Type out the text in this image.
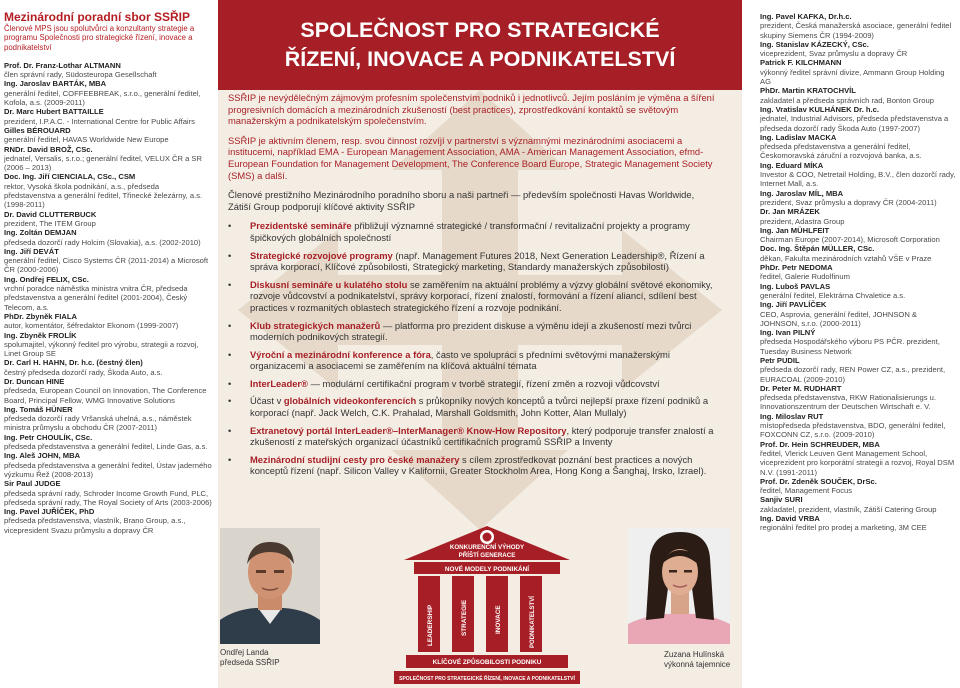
Mezinárodní poradní sbor SSŘIP
Členové MPS jsou spolutvůrci a konzultanty strategie a programu Společnosti pro strategické řízení, inovace a podnikatelství
Prof. Dr. Franz-Lothar ALTMANN
člen správní rady, Südosteuropa Gesellschaft
Ing. Jaroslav BARTÁK, MBA
generální ředitel, COFFEEBREAK, s.r.o., generální ředitel, Kofola, a.s. (2009-2011)
Dr. Marc Hubert BATTAILLE
prezident, I.P.A.C. - International Centre for Public Affairs
Gilles BÉROUARD
generální ředitel, HAVAS Worldwide New Europe
RNDr. David BROŽ, CSc.
jednatel, Versalis, s.r.o.; generální ředitel, VELUX ČR a SR (2006 – 2013)
Doc. Ing. Jiří CIENCIALA, CSc., CSM
rektor, Vysoká škola podnikání, a.s., předseda představenstva a generální ředitel, Třinecké železárny, a.s. (1998-2011)
Dr. David CLUTTERBUCK
prezident, The ITEM Group
Ing. Zoltán DEMJAN
předseda dozorčí rady Holcim (Slovakia), a.s. (2002-2010)
Ing. Jiří DEVÁT
generální ředitel, Cisco Systems ČR (2011-2014) a Microsoft ČR (2000-2006)
Ing. Ondřej FELIX, CSc.
vrchní poradce náměstka ministra vnitra ČR, předseda představenstva a generální ředitel (2001-2004), Český Telecom, a.s.
PhDr. Zbyněk FIALA
autor, komentátor, šéfredaktor Ekonom (1999-2007)
Ing. Zbyněk FROLÍK
spolumajitel, výkonný ředitel pro výrobu, strategii a rozvoj, Linet Group SE
Dr. Carl H. HAHN, Dr. h.c. (čestný člen)
čestný předseda dozorčí rady, Škoda Auto, a.s.
Dr. Duncan HINE
předseda, European Council on Innovation, The Conference Board, Principal Fellow, WMG Innovative Solutions
Ing. Tomáš HÜNER
předseda dozorčí rady Vršanská uhelná, a.s., náměstek ministra průmyslu a obchodu ČR (2007-2011)
Ing. Petr CHOULÍK, CSc.
předseda představenstva a generální ředitel, Linde Gas, a.s.
Ing. Aleš JOHN, MBA
předseda představenstva a generální ředitel, Ústav jaderného výzkumu Řež (2008-2013)
Sir Paul JUDGE
předseda správní rady, Schroder Income Growth Fund, PLC, předseda správní rady, The Royal Society of Arts (2003-2006)
Ing. Pavel JUŘÍČEK, PhD
předseda představenstva, vlastník, Brano Group, a.s., vicepresident Svazu průmyslu a dopravy ČR
SPOLEČNOST PRO STRATEGICKÉ
ŘÍZENÍ, INOVACE A PODNIKATELSTVÍ

SSŘIP je nevýdělečným zájmovým profesním společenstvím podniků i jednotlivců. Jejím posláním je výměna a šíření progresivních domácích a mezinárodních zkušeností (best practices), zprostředkování kontaktů se světovým manažerským a podnikatelským společenstvím.

SSŘIP je aktivním členem, resp. svou činnost rozvíjí v partnerství s významnými mezinárodními asociacemi a institucemi, například EMA - European Management Association, AMA - American Management Association, efmd-European Foundation for Management Development, The Conference Board Europe, Strategic Management Society (SMS) a další.

Členové prestižního Mezinárodního poradního sboru a naši partneři — především společnosti Havas Worldwide, Zátiší Group podporují klíčové aktivity SSŘIP

• Prezidentské semináře přibližují významné strategické / transformační / revitalizační projekty a programy špičkových globálních společností
• Strategické rozvojové programy (např. Management Futures 2018, Next Generation Leadership®, Řízení a správa korporací, Klíčové způsobilosti, Strategický marketing, Standardy manažerských způsobilostí)
• Diskusní semináře u kulatého stolu se zaměřením na aktuální problémy a výzvy globální světové ekonomiky, rozvoje vůdcovství a podnikatelství, správy korporací, řízení znalostí, formování a řízení aliancí, sdílení best practices v rozmanitých oblastech strategického řízení a rozvoje podnikání.
• Klub strategických manažerů — platforma pro prezident diskuse a výměnu idejí a zkušeností mezi tvůrci moderních podnikových strategií.
• Výroční a mezinárodní konference a fóra, často ve spolupráci s předními světovými manažerskými organizacemi a asociacemi se zaměřením na klíčová aktuální témata
• InterLeader® — modulární certifikační program v tvorbě strategií, řízení změn a rozvoji vůdcovství
• Účast v globálních videokonferencích s průkopníky nových konceptů a tvůrci nejlepší praxe řízení podniků a korporací (např. Jack Welch, C.K. Prahalad, Marshall Goldsmith, John Kotter, Alan Mullaly)
• Extranetový portál InterLeader®–InterManager® Know-How Repository, který podporuje transfer znalostí a zkušeností z mateřských organizací účastníků certifikačních programů SSŘIP a Inventy
• Mezinárodní studijní cesty pro české manažery s cílem zprostředkovat poznání best practices a nových konceptů řízení (např. Silicon Valley v Kalifornii, Greater Stockholm Area, Hong Kong a Šanghaj, Irsko, Izrael).
Ondřej Landa
předseda SSŘIP
Zuzana Hulínská
výkonná tajemnice
KONKURENČNÍ VÝHODY
PŘÍŠTÍ GENERACE
NOVÉ MODELY PODNIKÁNÍ
LEADERSHIP	STRATEGIE	INOVACE	PODNIKATELSTVÍ
KLÍČOVÉ ZPŮSOBILOSTI PODNIKU
SPOLEČNOST PRO STRATEGICKÉ ŘÍZENÍ, INOVACE A PODNIKATELSTVÍ
Ing. Pavel KAFKA, Dr.h.c.
prezident, Česká manažerská asociace, generální ředitel skupiny Siemens ČR (1994-2009)
Ing. Stanislav KÁZECKÝ, CSc.
viceprezident, Svaz průmyslu a dopravy ČR
Patrick F. KILCHMANN
výkonný ředitel správní divize, Ammann Group Holding AG
PhDr. Martin KRATOCHVÍL
zakladatel a předseda správních rad, Bonton Group
Ing. Vratislav KULHÁNEK Dr. h.c.
jednatel, Industrial Advisors, předseda představenstva a předseda dozorčí rady Škoda Auto (1997-2007)
Ing. Ladislav MACKA
předseda představenstva a generální ředitel, Českomoravská záruční a rozvojová banka, a.s.
Ing. Eduard MÍKA
Investor & COO, Netretail Holding, B.V., člen dozorčí rady, Internet Mall, a.s.
Ing. Jaroslav MÍL, MBA
prezident, Svaz průmyslu a dopravy ČR (2004-2011)
Dr. Jan MRÁZEK
prezident, Adastra Group
Ing. Jan MÜHLFEIT
Chairman Europe (2007-2014), Microsoft Corporation
Doc. Ing. Štěpán MÜLLER, CSc.
děkan, Fakulta mezinárodních vztahů VŠE v Praze
PhDr. Petr NEDOMA
ředitel, Galerie Rudolfinum
Ing. Luboš PAVLAS
generální ředitel, Elektrárna Chvaletice a.s.
Ing. Jiří PAVLÍČEK
CEO, Asprovia, generální ředitel, JOHNSON & JOHNSON, s.r.o. (2000-2011)
Ing. Ivan PILNÝ
předseda Hospodářského výboru PS PČR. prezident, Tuesday Business Network
Petr PUDIL
předseda dozorčí rady, REN Power CZ, a.s., prezident, EURACOAL (2009-2010)
Dr. Peter M. RUDHART
předseda představenstva, RKW Rationalisierungs u. Innovationszentrum der Deutschen Wirtschaft e. V.
Ing. Miloslav RUT
místopředseda představenstva, BDO, generální ředitel, FOXCONN CZ, s.r.o. (2009-2010)
Prof. Dr. Hein SCHREUDER, MBA
ředitel, Vlerick Leuven Gent Management School, viceprezident pro korporátní strategii a rozvoj, Royal DSM N.V. (1991-2011)
Prof. Dr. Zdeněk SOUČEK, DrSc.
ředitel, Management Focus
Sanjiv SURI
zakladatel, prezident, vlastník, Zátiší Catering Group
Ing. David VRBA
regionální ředitel pro prodej a marketing, 3M CEE
